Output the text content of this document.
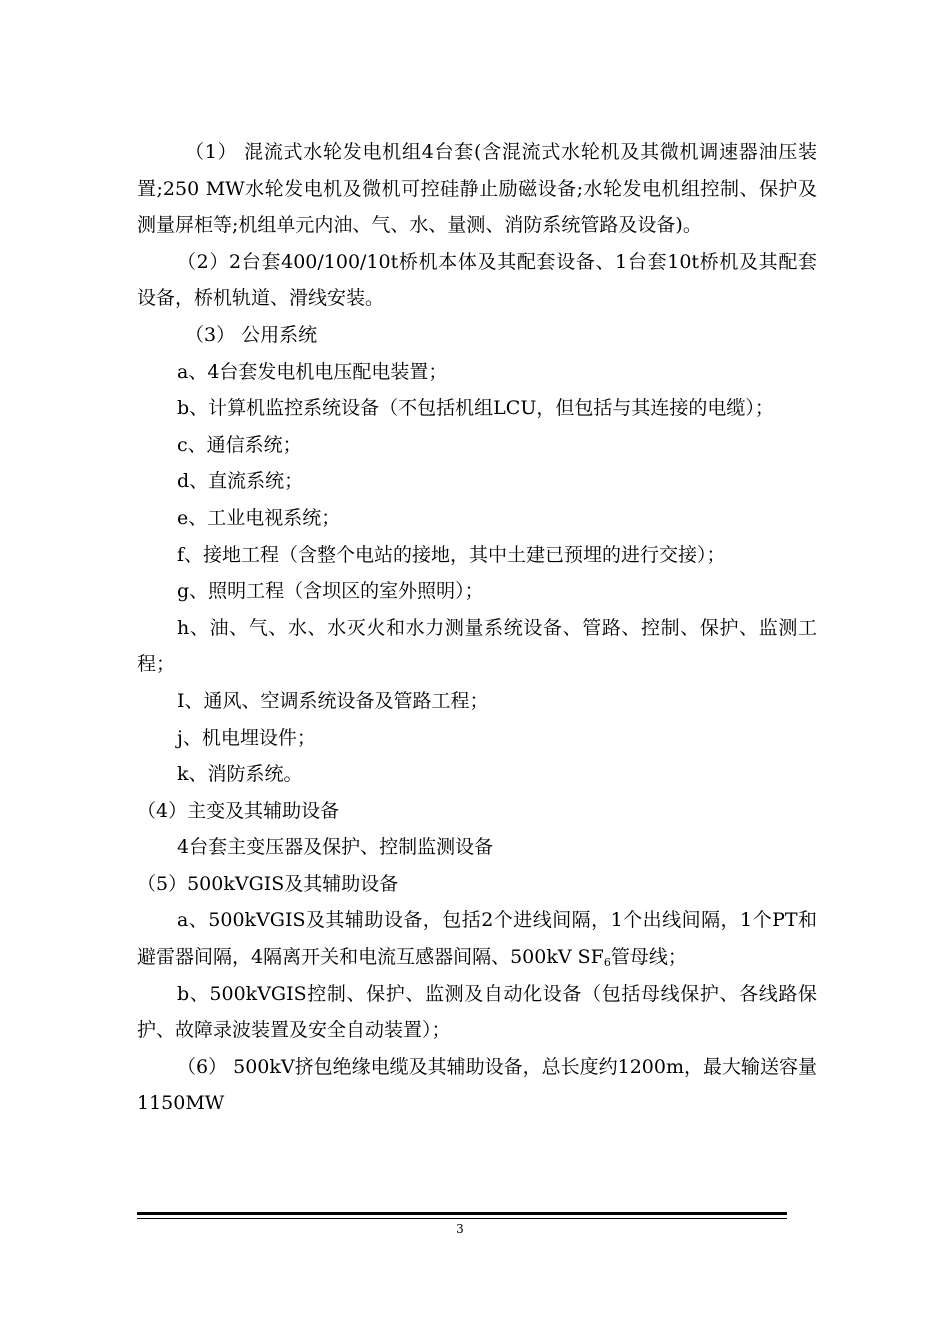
（1） 混流式水轮发电机组4台套(含混流式水轮机及其微机调速器油压装置;250 MW水轮发电机及微机可控硅静止励磁设备;水轮发电机组控制、保护及测量屏柜等;机组单元内油、气、水、量测、消防系统管路及设备)。

（2）2台套400/100/10t桥机本体及其配套设备、1台套10t桥机及其配套设备，桥机轨道、滑线安装。

（3） 公用系统

a、4台套发电机电压配电装置；

b、计算机监控系统设备（不包括机组LCU，但包括与其连接的电缆）；

c、通信系统；

d、直流系统；

e、工业电视系统；

f、接地工程（含整个电站的接地，其中土建已预埋的进行交接）；

g、照明工程（含坝区的室外照明）；

h、油、气、水、水灭火和水力测量系统设备、管路、控制、保护、监测工程；

I、通风、空调系统设备及管路工程；

j、机电埋设件；

k、消防系统。

（4）主变及其辅助设备

4台套主变压器及保护、控制监测设备

（5）500kVGIS及其辅助设备

a、500kVGIS及其辅助设备，包括2个进线间隔，1个出线间隔，1个PT和避雷器间隔，4隔离开关和电流互感器间隔、500kV $SF_6$管母线；

b、500kVGIS控制、保护、监测及自动化设备（包括母线保护、各线路保护、故障录波装置及安全自动装置）；

（6） 500kV挤包绝缘电缆及其辅助设备，总长度约1200m，最大输送容量1150MW

3
